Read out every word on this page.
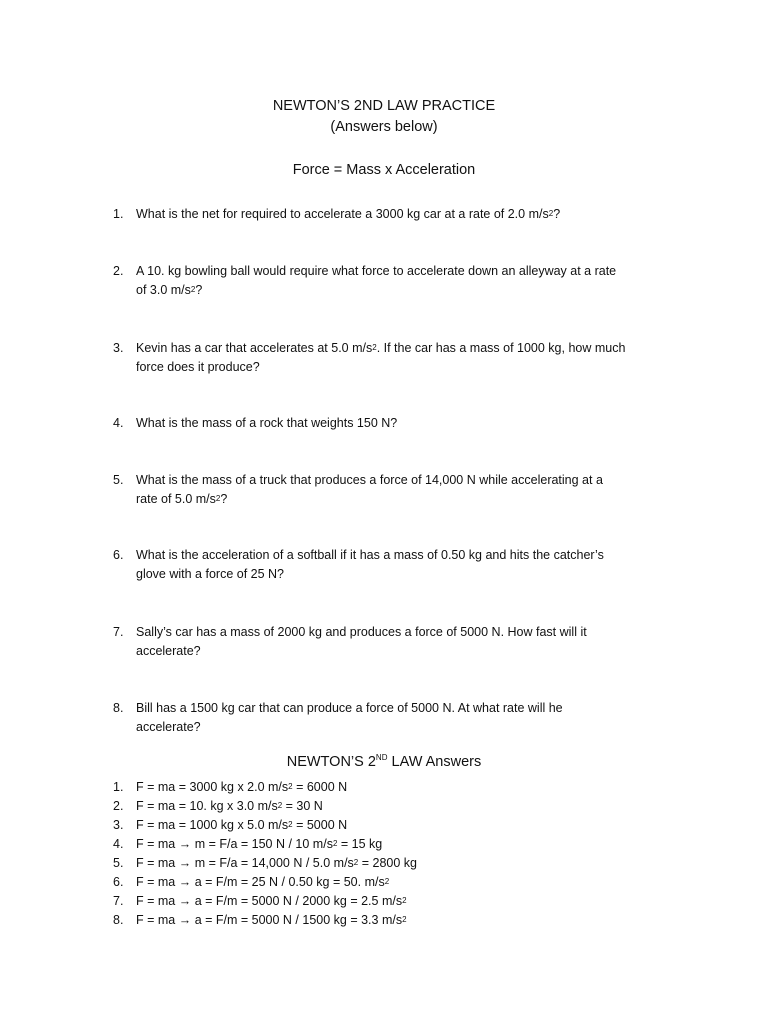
NEWTON’S 2ND LAW PRACTICE
(Answers below)
Force = Mass x Acceleration
1.	What is the net for required to accelerate a 3000 kg car at a rate of 2.0 $m/s^2$?
2.	A 10. kg bowling ball would require what force to accelerate down an alleyway at a rate
of 3.0 $m/s^2$?
3.	Kevin has a car that accelerates at 5.0 $m/s^2$. If the car has a mass of 1000 kg, how much
force does it produce?
4.	What is the mass of a rock that weights 150 N?
5.	What is the mass of a truck that produces a force of 14,000 N while accelerating at a
rate of 5.0 $m/s^2$?
6.	What is the acceleration of a softball if it has a mass of 0.50 kg and hits the catcher’s
glove with a force of 25 N?
7.	Sally’s car has a mass of 2000 kg and produces a force of 5000 N. How fast will it
accelerate?
8.	Bill has a 1500 kg car that can produce a force of 5000 N. At what rate will he
accelerate?
NEWTON’S 2ND LAW Answers
1.	F = ma = 3000 kg x 2.0 $m/s^2 = 6000$ N
2.	F = ma = 10. kg x 3.0 $m/s^2 = 30$ N
3.	F = ma = 1000 kg x 5.0 $m/s^2 = 5000$ N
4.	F = ma → m = F/a = 150 N / 10 $m/s^2 = 15$ kg
5.	F = ma → m = F/a = 14,000 N / 5.0 $m/s^2 = 2800$ kg
6.	F = ma → a = F/m = 25 N / 0.50 kg = 50. $m/s^2$
7.	F = ma → a = F/m = 5000 N / 2000 kg = 2.5 $m/s^2$
8.	F = ma → a = F/m = 5000 N / 1500 kg = 3.3 $m/s^2$
